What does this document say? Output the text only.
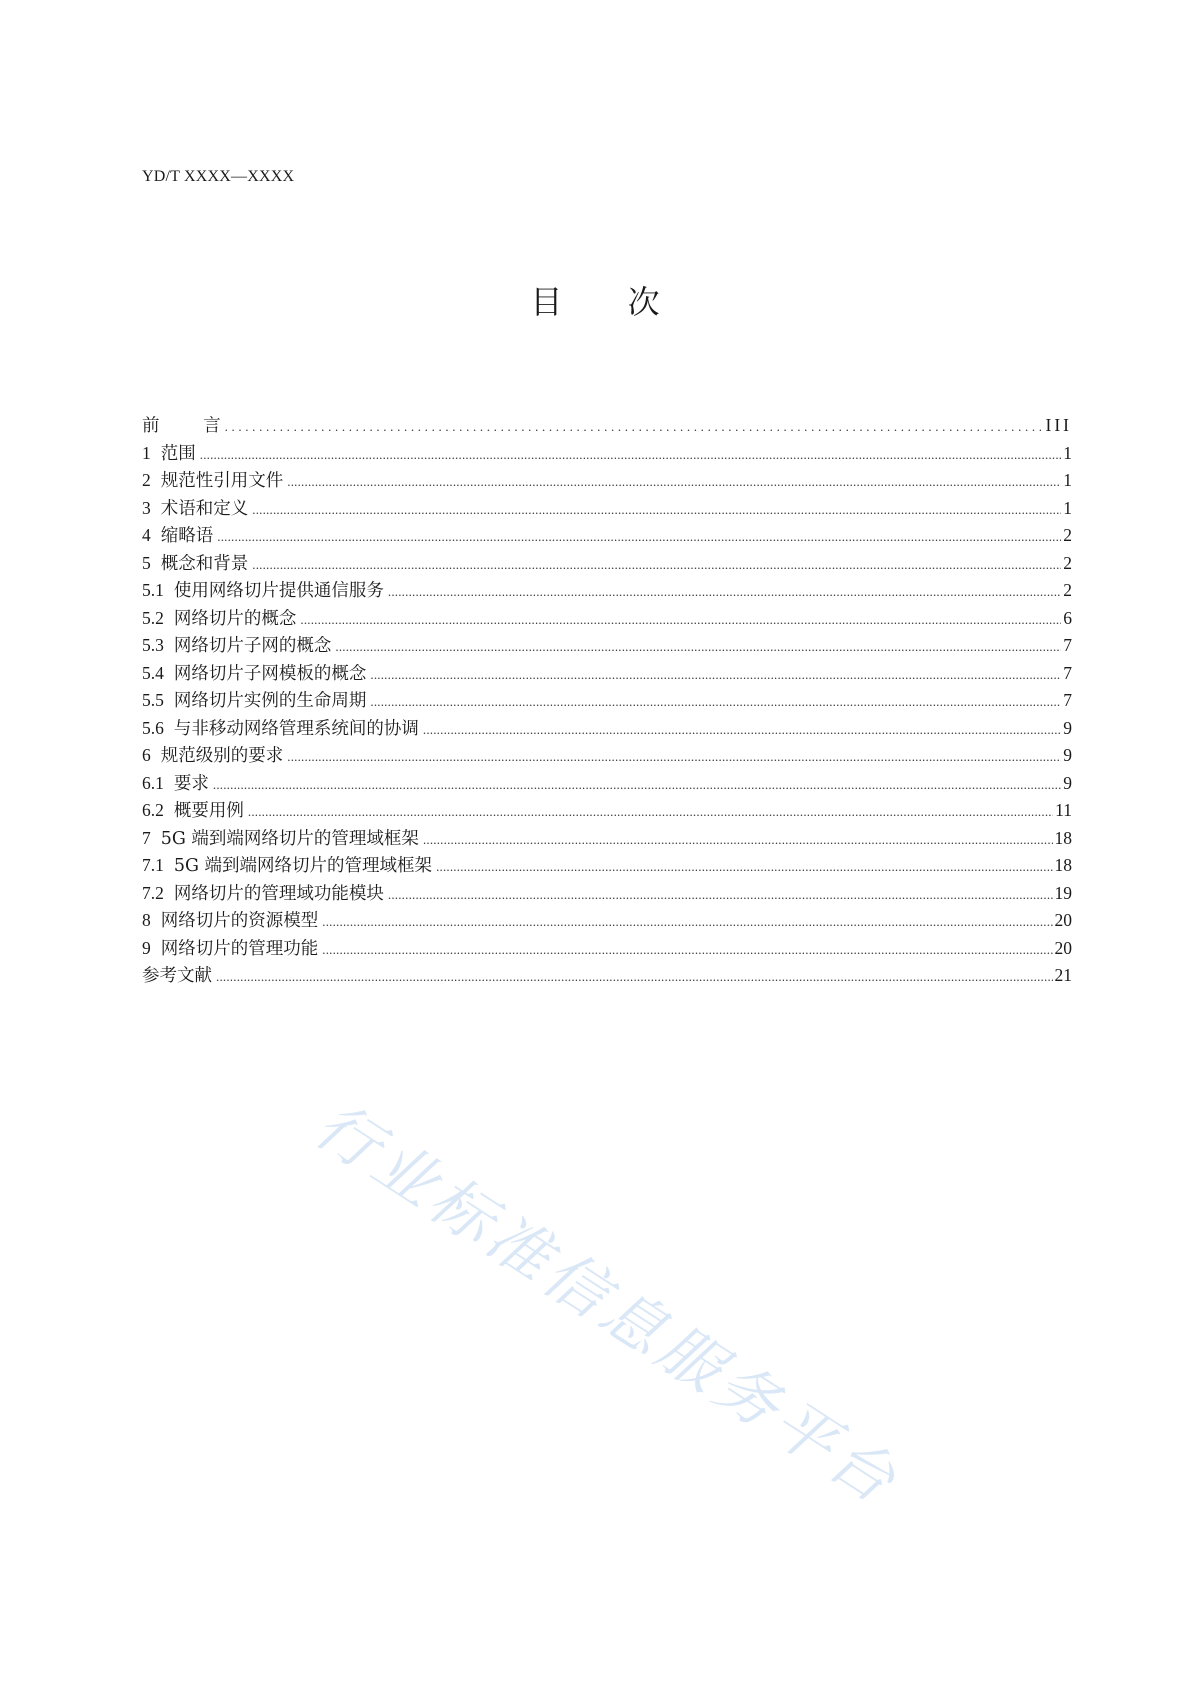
YD/T XXXX—XXXX
目 次
前 言 . . .	III
1 范围 .....	1
2 规范性引用文件 .....	1
3 术语和定义 .....	1
4 缩略语 .....	2
5 概念和背景 .....	2
5.1 使用网络切片提供通信服务 .....	2
5.2 网络切片的概念 .....	6
5.3 网络切片子网的概念 .....	7
5.4 网络切片子网模板的概念 .....	7
5.5 网络切片实例的生命周期 .....	7
5.6 与非移动网络管理系统间的协调 .....	9
6 规范级别的要求 .....	9
6.1 要求 .....	9
6.2 概要用例 .....	11
7 5G 端到端网络切片的管理域框架 .....	18
7.1 5G 端到端网络切片的管理域框架 .....	18
7.2 网络切片的管理域功能模块 .....	19
8 网络切片的资源模型 .....	20
9 网络切片的管理功能 .....	20
参考文献 .....	21
行业标准信息服务平台
